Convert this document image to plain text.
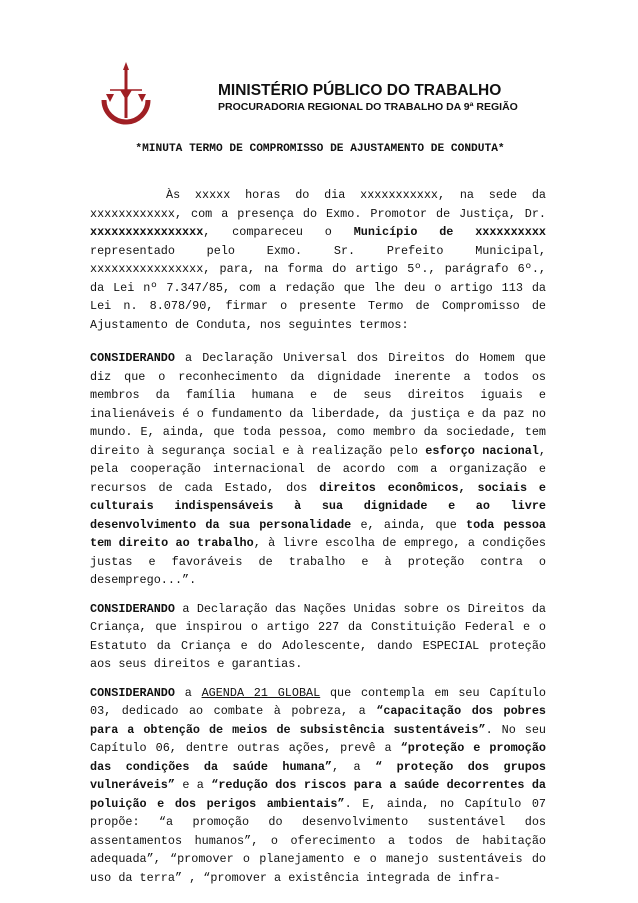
MINISTÉRIO PÚBLICO DO TRABALHO
PROCURADORIA REGIONAL DO TRABALHO DA 9ª REGIÃO
*MINUTA TERMO DE COMPROMISSO DE AJUSTAMENTO DE CONDUTA*

Às xxxxx horas do dia xxxxxxxxxxx, na sede da xxxxxxxxxxxx, com a presença do Exmo. Promotor de Justiça, Dr. xxxxxxxxxxxxxxxx, compareceu o Município de xxxxxxxxxx representado pelo Exmo. Sr. Prefeito Municipal, xxxxxxxxxxxxxxxx, para, na forma do artigo 5º., parágrafo 6º., da Lei nº 7.347/85, com a redação que lhe deu o artigo 113 da Lei n. 8.078/90, firmar o presente Termo de Compromisso de Ajustamento de Conduta, nos seguintes termos:

CONSIDERANDO a Declaração Universal dos Direitos do Homem que diz que o reconhecimento da dignidade inerente a todos os membros da família humana e de seus direitos iguais e inalienáveis é o fundamento da liberdade, da justiça e da paz no mundo. E, ainda, que toda pessoa, como membro da sociedade, tem direito à segurança social e à realização pelo esforço nacional, pela cooperação internacional de acordo com a organização e recursos de cada Estado, dos direitos econômicos, sociais e culturais indispensáveis à sua dignidade e ao livre desenvolvimento da sua personalidade e, ainda, que toda pessoa tem direito ao trabalho, à livre escolha de emprego, a condições justas e favoráveis de trabalho e à proteção contra o desemprego...”.

CONSIDERANDO a Declaração das Nações Unidas sobre os Direitos da Criança, que inspirou o artigo 227 da Constituição Federal e o Estatuto da Criança e do Adolescente, dando ESPECIAL proteção aos seus direitos e garantias.

CONSIDERANDO a AGENDA 21 GLOBAL que contempla em seu Capítulo 03, dedicado ao combate à pobreza, a “capacitação dos pobres para a obtenção de meios de subsistência sustentáveis”. No seu Capítulo 06, dentre outras ações, prevê a “proteção e promoção das condições da saúde humana”, a “ proteção dos grupos vulneráveis” e a “redução dos riscos para a saúde decorrentes da poluição e dos perigos ambientais”. E, ainda, no Capítulo 07 propõe: “a promoção do desenvolvimento sustentável dos assentamentos humanos”, o oferecimento a todos de habitação adequada”, “promover o planejamento e o manejo sustentáveis do uso da terra” , “promover a existência integrada de infra-
